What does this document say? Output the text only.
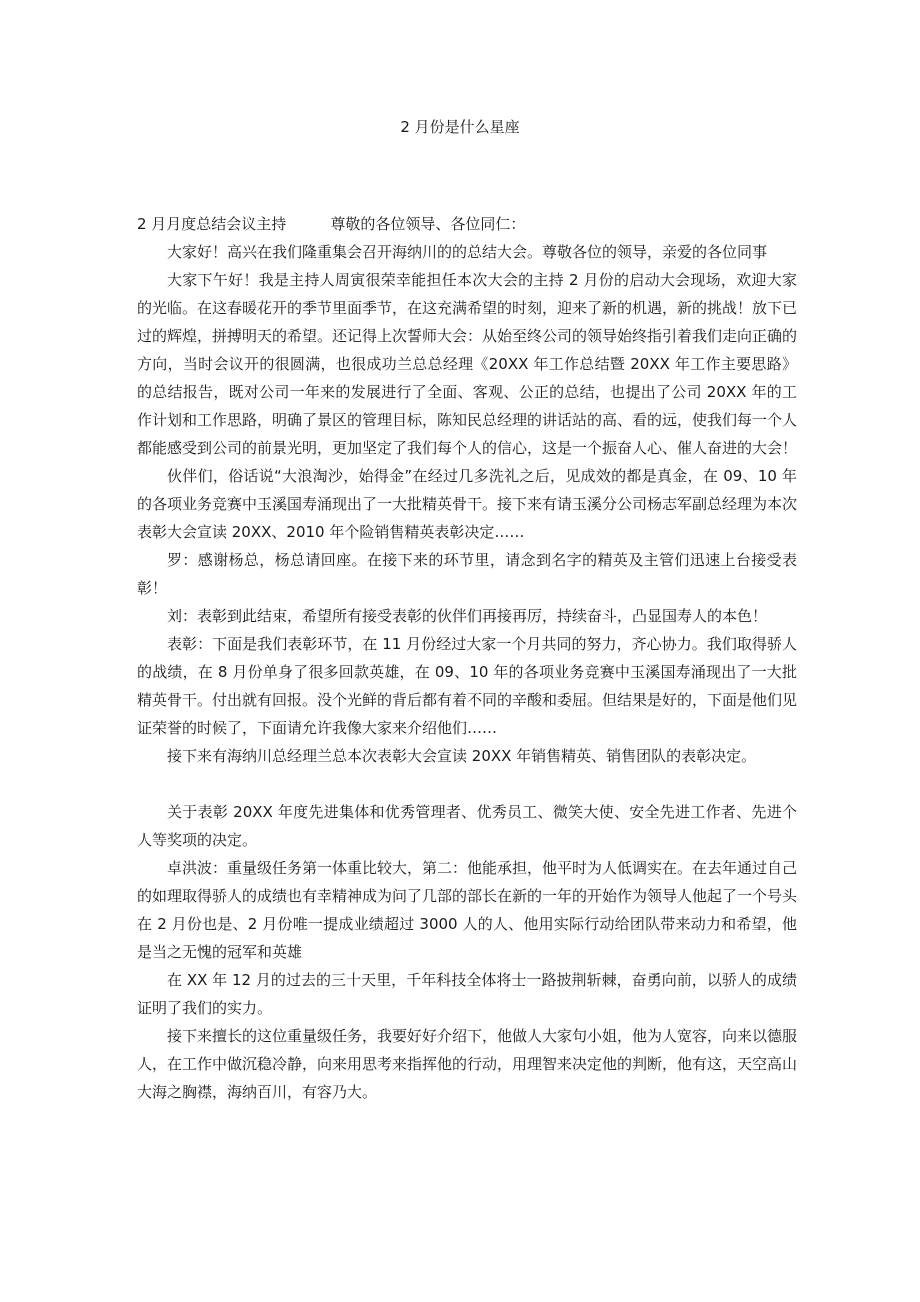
2 月份是什么星座

2 月月度总结会议主持	尊敬的各位领导、各位同仁：

大家好！高兴在我们隆重集会召开海纳川的的总结大会。尊敬各位的领导，亲爱的各位同事

大家下午好！我是主持人周寅很荣幸能担任本次大会的主持 2 月份的启动大会现场，欢迎大家的光临。在这春暖花开的季节里面季节，在这充满希望的时刻，迎来了新的机遇，新的挑战！放下已过的辉煌，拼搏明天的希望。还记得上次誓师大会：从始至终公司的领导始终指引着我们走向正确的方向，当时会议开的很圆满，也很成功兰总总经理《20XX 年工作总结暨 20XX 年工作主要思路》的总结报告，既对公司一年来的发展进行了全面、客观、公正的总结，也提出了公司 20XX 年的工作计划和工作思路，明确了景区的管理目标，陈知民总经理的讲话站的高、看的远，使我们每一个人都能感受到公司的前景光明，更加坚定了我们每个人的信心，这是一个振奋人心、催人奋进的大会！

伙伴们，俗话说“大浪淘沙，始得金”在经过几多洗礼之后，见成效的都是真金，在 09、10 年的各项业务竞赛中玉溪国寿涌现出了一大批精英骨干。接下来有请玉溪分公司杨志军副总经理为本次表彰大会宣读 20XX、2010 年个险销售精英表彰决定……

罗：感谢杨总，杨总请回座。在接下来的环节里，请念到名字的精英及主管们迅速上台接受表彰！

刘：表彰到此结束，希望所有接受表彰的伙伴们再接再厉，持续奋斗，凸显国寿人的本色！

表彰：下面是我们表彰环节，在 11 月份经过大家一个月共同的努力，齐心协力。我们取得骄人的战绩，在 8 月份单身了很多回款英雄，在 09、10 年的各项业务竞赛中玉溪国寿涌现出了一大批精英骨干。付出就有回报。没个光鲜的背后都有着不同的辛酸和委屈。但结果是好的，下面是他们见证荣誉的时候了，下面请允许我像大家来介绍他们……

接下来有海纳川总经理兰总本次表彰大会宣读 20XX 年销售精英、销售团队的表彰决定。

关于表彰 20XX 年度先进集体和优秀管理者、优秀员工、微笑大使、安全先进工作者、先进个人等奖项的决定。

卓洪波：重量级任务第一体重比较大，第二：他能承担，他平时为人低调实在。在去年通过自己的如理取得骄人的成绩也有幸精神成为问了几部的部长在新的一年的开始作为领导人他起了一个号头在 2 月份也是、2 月份唯一提成业绩超过 3000 人的人、他用实际行动给团队带来动力和希望，他是当之无愧的冠军和英雄

在 XX 年 12 月的过去的三十天里，千年科技全体将士一路披荆斩棘，奋勇向前，以骄人的成绩证明了我们的实力。

接下来擅长的这位重量级任务，我要好好介绍下，他做人大家句小姐，他为人宽容，向来以德服人，在工作中做沉稳冷静，向来用思考来指挥他的行动，用理智来决定他的判断，他有这，天空高山大海之胸襟，海纳百川，有容乃大。
